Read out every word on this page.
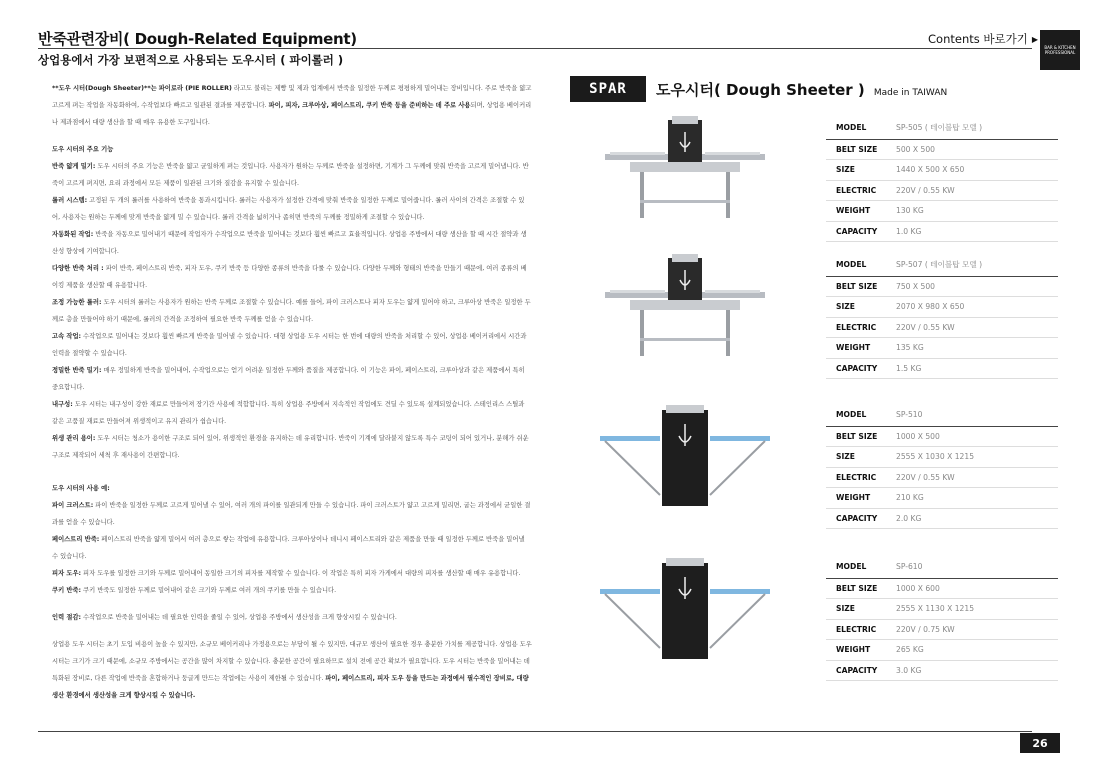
반죽관련장비( Dough-Related Equipment)
상업용에서 가장 보편적으로 사용되는 도우시터 ( 파이롤러 )
Contents 바로가기 ▶
BAR & KITCHEN PROFESSIONAL
**도우 시터(Dough Sheeter)**는 파이로라 (PIE ROLLER) 라고도 불리는 제빵 및 제과 업계에서 반죽을 일정한 두께로 평평하게 밀어내는 장비입니다. 주로 반죽을 얇고 고르게 펴는 작업을 자동화하여, 수작업보다 빠르고 일관된 결과를 제공합니다. 파이, 피자, 크루아상, 페이스트리, 쿠키 반죽 등을 준비하는 데 주로 사용되며, 상업용 베이커리나 제과점에서 대량 생산을 할 때 매우 유용한 도구입니다.
도우 시터의 주요 기능
반죽 얇게 밀기: 도우 시터의 주요 기능은 반죽을 얇고 균일하게 펴는 것입니다. 사용자가 원하는 두께로 반죽을 설정하면, 기계가 그 두께에 맞춰 반죽을 고르게 밀어냅니다. 반죽이 고르게 펴지면, 요리 과정에서 모든 제품이 일관된 크기와 질감을 유지할 수 있습니다.
롤러 시스템: 고정된 두 개의 롤러를 사용하여 반죽을 통과시킵니다. 롤러는 사용자가 설정한 간격에 맞춰 반죽을 일정한 두께로 밀어줍니다. 롤러 사이의 간격은 조절할 수 있어, 사용자는 원하는 두께에 맞게 반죽을 얇게 밀 수 있습니다. 롤러 간격을 넓히거나 좁히면 반죽의 두께를 정밀하게 조절할 수 있습니다.
자동화된 작업: 반죽을 자동으로 밀어내기 때문에 작업자가 수작업으로 반죽을 밀어내는 것보다 훨씬 빠르고 효율적입니다. 상업용 주방에서 대량 생산을 할 때 시간 절약과 생산성 향상에 기여합니다.
다양한 반죽 처리 : 파이 반죽, 페이스트리 반죽, 피자 도우, 쿠키 반죽 등 다양한 종류의 반죽을 다룰 수 있습니다. 다양한 두께와 형태의 반죽을 만들기 때문에, 여러 종류의 베이킹 제품을 생산할 때 유용합니다.
조정 가능한 롤러: 도우 시터의 롤러는 사용자가 원하는 반죽 두께로 조절할 수 있습니다. 예를 들어, 파이 크러스트나 피자 도우는 얇게 밀어야 하고, 크루아상 반죽은 일정한 두께로 층을 만들어야 하기 때문에, 롤러의 간격을 조정하여 필요한 반죽 두께를 얻을 수 있습니다.
고속 작업: 수작업으로 밀어내는 것보다 훨씬 빠르게 반죽을 밀어낼 수 있습니다. 대형 상업용 도우 시터는 한 번에 대량의 반죽을 처리할 수 있어, 상업용 베이커리에서 시간과 인력을 절약할 수 있습니다.
정밀한 반죽 밀기: 매우 정밀하게 반죽을 밀어내어, 수작업으로는 얻기 어려운 일정한 두께와 품질을 제공합니다. 이 기능은 파이, 페이스트리, 크루아상과 같은 제품에서 특히 중요합니다.
내구성: 도우 시터는 내구성이 강한 재료로 만들어져 장기간 사용에 적합합니다. 특히 상업용 주방에서 지속적인 작업에도 견딜 수 있도록 설계되었습니다. 스테인리스 스틸과 같은 고품질 재료로 만들어져 위생적이고 유지 관리가 쉽습니다.
위생 관리 용이: 도우 시터는 청소가 용이한 구조로 되어 있어, 위생적인 환경을 유지하는 데 유리합니다. 반죽이 기계에 달라붙지 않도록 특수 코팅이 되어 있거나, 분해가 쉬운 구조로 제작되어 세척 후 재사용이 간편합니다.
도우 시터의 사용 예:
파이 크러스트: 파이 반죽을 일정한 두께로 고르게 밀어낼 수 있어, 여러 개의 파이를 일관되게 만들 수 있습니다. 파이 크러스트가 얇고 고르게 밀리면, 굽는 과정에서 균일한 결과를 얻을 수 있습니다.
페이스트리 반죽: 페이스트리 반죽을 얇게 밀어서 여러 층으로 쌓는 작업에 유용합니다. 크루아상이나 데니시 페이스트리와 같은 제품을 만들 때 일정한 두께로 반죽을 밀어낼 수 있습니다.
피자 도우: 피자 도우를 일정한 크기와 두께로 밀어내어 동일한 크기의 피자를 제작할 수 있습니다. 이 작업은 특히 피자 가게에서 대량의 피자를 생산할 때 매우 유용합니다.
쿠키 반죽: 쿠키 반죽도 일정한 두께로 밀어내어 같은 크기와 두께로 여러 개의 쿠키를 만들 수 있습니다.
인력 절감: 수작업으로 반죽을 밀어내는 데 필요한 인력을 줄일 수 있어, 상업용 주방에서 생산성을 크게 향상시킬 수 있습니다.
상업용 도우 시터는 초기 도입 비용이 높을 수 있지만, 소규모 베이커리나 가정용으로는 부담이 될 수 있지만, 대규모 생산이 필요한 경우 충분한 가치를 제공합니다. 상업용 도우 시터는 크기가 크기 때문에, 소규모 주방에서는 공간을 많이 차지할 수 있습니다. 충분한 공간이 필요하므로 설치 전에 공간 확보가 필요합니다. 도우 시터는 반죽을 밀어내는 데 특화된 장비로, 다른 작업에 반죽을 혼합하거나 둥글게 만드는 작업에는 사용이 제한될 수 있습니다. 파이, 페이스트리, 피자 도우 등을 만드는 과정에서 필수적인 장비로, 대량 생산 환경에서 생산성을 크게 향상시킬 수 있습니다.
SPAR	도우시터( Dough Sheeter ) Made in TAIWAN
MODEL	SP-505 ( 테이블탑 모델 )
BELT SIZE	500 X 500
SIZE	1440 X 500 X 650
ELECTRIC	220V / 0.55 KW
WEIGHT	130 KG
CAPACITY	1.0 KG
MODEL	SP-507 ( 테이블탑 모델 )
BELT SIZE	750 X 500
SIZE	2070 X 980 X 650
ELECTRIC	220V / 0.55 KW
WEIGHT	135 KG
CAPACITY	1.5 KG
MODEL	SP-510
BELT SIZE	1000 X 500
SIZE	2555 X 1030 X 1215
ELECTRIC	220V / 0.55 KW
WEIGHT	210 KG
CAPACITY	2.0 KG
MODEL	SP-610
BELT SIZE	1000 X 600
SIZE	2555 X 1130 X 1215
ELECTRIC	220V / 0.75 KW
WEIGHT	265 KG
CAPACITY	3.0 KG
26
